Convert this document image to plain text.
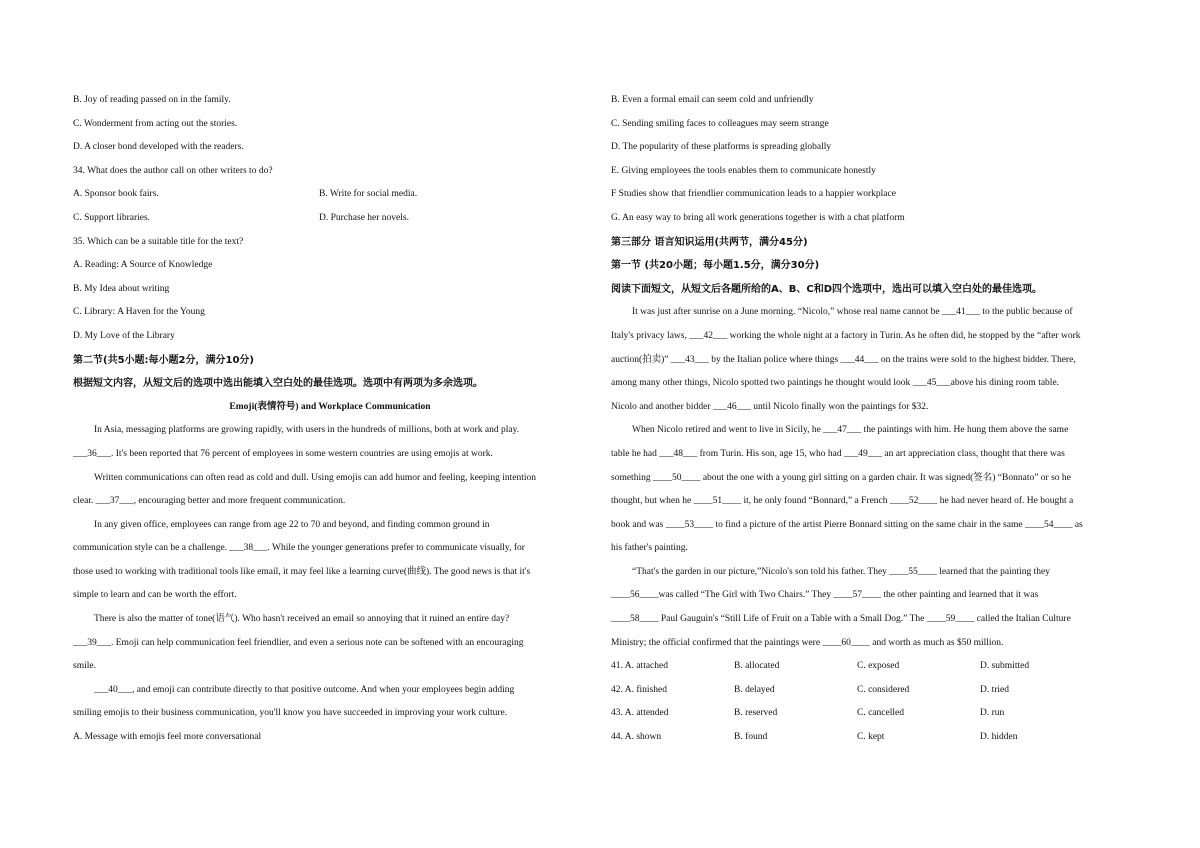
B. Joy of reading passed on in the family.
C. Wonderment from acting out the stories.
D. A closer bond developed with the readers.
34. What does the author call on other writers to do?
A. Sponsor book fairs.	B. Write for social media.
C. Support libraries.	D. Purchase her novels.
35. Which can be a suitable title for the text?
A. Reading: A Source of Knowledge
B. My Idea about writing
C. Library: A Haven for the Young
D. My Love of the Library
第二节(共5小题:每小题2分，满分10分)
根据短文内容，从短文后的选项中选出能填入空白处的最佳选项。选项中有两项为多余选项。
Emoji(表情符号) and Workplace Communication
In Asia, messaging platforms are growing rapidly, with users in the hundreds of millions, both at work and play.
___36___. It's been reported that 76 percent of employees in some western countries are using emojis at work.
Written communications can often read as cold and dull. Using emojis can add humor and feeling, keeping intention
clear. ___37___, encouraging better and more frequent communication.
In any given office, employees can range from age 22 to 70 and beyond, and finding common ground in
communication style can be a challenge. ___38___. While the younger generations prefer to communicate visually, for
those used to working with traditional tools like email, it may feel like a learning curve(曲线). The good news is that it's
simple to learn and can be worth the effort.
There is also the matter of tone(语气). Who hasn't received an email so annoying that it ruined an entire day?
___39___. Emoji can help communication feel friendlier, and even a serious note can be softened with an encouraging
smile.
___40___, and emoji can contribute directly to that positive outcome. And when your employees begin adding
smiling emojis to their business communication, you'll know you have succeeded in improving your work culture.
A. Message with emojis feel more conversational
B. Even a formal email can seem cold and unfriendly
C. Sending smiling faces to colleagues may seem strange
D. The popularity of these platforms is spreading globally
E. Giving employees the tools enables them to communicate honestly
F Studies show that friendlier communication leads to a happier workplace
G. An easy way to bring all work generations together is with a chat platform
第三部分 语言知识运用(共两节，满分45分)
第一节 (共20小题；每小题1.5分，满分30分)
阅读下面短文，从短文后各题所给的A、B、C和D四个选项中，选出可以填入空白处的最佳选项。
It was just after sunrise on a June morning. “Nicolo,” whose real name cannot be ___41___ to the public because of
Italy's privacy laws, ___42___ working the whole night at a factory in Turin. As he often did, he stopped by the “after work
auction(拍卖)” ___43___ by the Italian police where things ___44___ on the trains were sold to the highest bidder. There,
among many other things, Nicolo spotted two paintings he thought would look ___45___above his dining room table.
Nicolo and another bidder ___46___ until Nicolo finally won the paintings for $32.
When Nicolo retired and went to live in Sicily, he ___47___ the paintings with him. He hung them above the same
table he had ___48___ from Turin. His son, age 15, who had ___49___ an art appreciation class, thought that there was
something ____50____ about the one with a young girl sitting on a garden chair. It was signed(签名) “Bonnato” or so he
thought, but when he ____51____ it, he only found “Bonnard,” a French ____52____ he had never heard of. He bought a
book and was ____53____ to find a picture of the artist Pierre Bonnard sitting on the same chair in the same ____54____ as
his father's painting.
“That's the garden in our picture,”Nicolo's son told his father. They ____55____ learned that the painting they
____56____was called “The Girl with Two Chairs.” They ____57____ the other painting and learned that it was
____58____ Paul Gauguin's “Still Life of Fruit on a Table with a Small Dog.” The ____59____ called the Italian Culture
Ministry; the official confirmed that the paintings were ____60____ and worth as much as $50 million.
41. A. attached	B. allocated	C. exposed	D. submitted
42. A. finished	B. delayed	C. considered	D. tried
43. A. attended	B. reserved	C. cancelled	D. run
44. A. shown	B. found	C. kept	D. hidden
